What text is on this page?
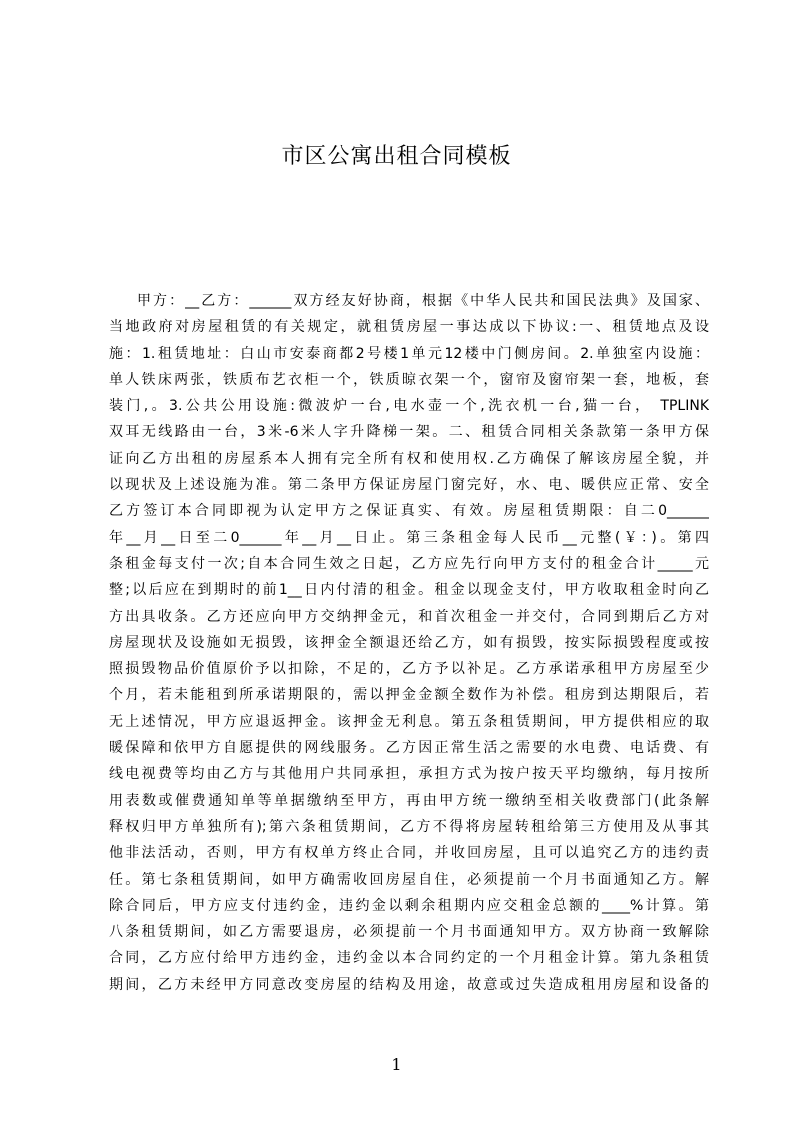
市区公寓出租合同模板
甲方：__乙方：______双方经友好协商，根据《中华人民共和国民法典》及国家、
当地政府对房屋租赁的有关规定，就租赁房屋一事达成以下协议:一、租赁地点及设
施：1.租赁地址：白山市安泰商都2号楼1单元12楼中门侧房间。2.单独室内设施：
单人铁床两张，铁质布艺衣柜一个，铁质晾衣架一个，窗帘及窗帘架一套，地板，套
装门,。3.公共公用设施:微波炉一台,电水壶一个,洗衣机一台,猫一台， TPLINK
双耳无线路由一台，3米-6米人字升降梯一架。二、租赁合同相关条款第一条甲方保
证向乙方出租的房屋系本人拥有完全所有权和使用权.乙方确保了解该房屋全貌，并
以现状及上述设施为准。第二条甲方保证房屋门窗完好，水、电、暖供应正常、安全
乙方签订本合同即视为认定甲方之保证真实、有效。房屋租赁期限：自二0______
年__月__日至二0______年__月__日止。第三条租金每人民币__元整(￥：)。第四
条租金每支付一次;自本合同生效之日起，乙方应先行向甲方支付的租金合计_____元
整;以后应在到期时的前1__日内付清的租金。租金以现金支付，甲方收取租金时向乙
方出具收条。乙方还应向甲方交纳押金元，和首次租金一并交付，合同到期后乙方对
房屋现状及设施如无损毁，该押金全额退还给乙方，如有损毁，按实际损毁程度或按
照损毁物品价值原价予以扣除，不足的，乙方予以补足。乙方承诺承租甲方房屋至少
个月，若未能租到所承诺期限的，需以押金金额全数作为补偿。租房到达期限后，若
无上述情况，甲方应退返押金。该押金无利息。第五条租赁期间，甲方提供相应的取
暖保障和依甲方自愿提供的网线服务。乙方因正常生活之需要的水电费、电话费、有
线电视费等均由乙方与其他用户共同承担，承担方式为按户按天平均缴纳，每月按所
用表数或催费通知单等单据缴纳至甲方，再由甲方统一缴纳至相关收费部门(此条解
释权归甲方单独所有);第六条租赁期间，乙方不得将房屋转租给第三方使用及从事其
他非法活动，否则，甲方有权单方终止合同，并收回房屋，且可以追究乙方的违约责
任。第七条租赁期间，如甲方确需收回房屋自住，必须提前一个月书面通知乙方。解
除合同后，甲方应支付违约金，违约金以剩余租期内应交租金总额的____%计算。第
八条租赁期间，如乙方需要退房，必须提前一个月书面通知甲方。双方协商一致解除
合同，乙方应付给甲方违约金，违约金以本合同约定的一个月租金计算。第九条租赁
期间，乙方未经甲方同意改变房屋的结构及用途，故意或过失造成租用房屋和设备的
1
